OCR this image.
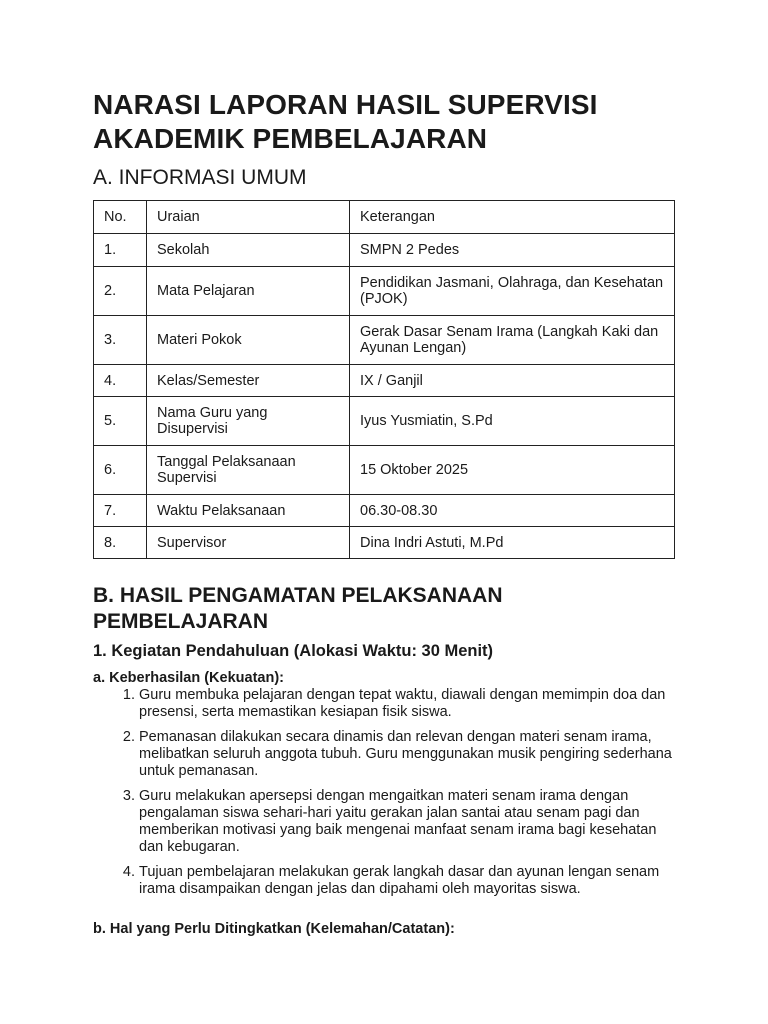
NARASI LAPORAN HASIL SUPERVISI AKADEMIK PEMBELAJARAN
A. INFORMASI UMUM
No.	Uraian	Keterangan
1.	Sekolah	SMPN 2 Pedes
2.	Mata Pelajaran	Pendidikan Jasmani, Olahraga, dan Kesehatan (PJOK)
3.	Materi Pokok	Gerak Dasar Senam Irama (Langkah Kaki dan Ayunan Lengan)
4.	Kelas/Semester	IX / Ganjil
5.	Nama Guru yang Disupervisi	Iyus Yusmiatin, S.Pd
6.	Tanggal Pelaksanaan Supervisi	15 Oktober 2025
7.	Waktu Pelaksanaan	06.30-08.30
8.	Supervisor	Dina Indri Astuti, M.Pd
B. HASIL PENGAMATAN PELAKSANAAN PEMBELAJARAN
1. Kegiatan Pendahuluan (Alokasi Waktu: 30 Menit)
a. Keberhasilan (Kekuatan):
1. Guru membuka pelajaran dengan tepat waktu, diawali dengan memimpin doa dan presensi, serta memastikan kesiapan fisik siswa.
2. Pemanasan dilakukan secara dinamis dan relevan dengan materi senam irama, melibatkan seluruh anggota tubuh. Guru menggunakan musik pengiring sederhana untuk pemanasan.
3. Guru melakukan apersepsi dengan mengaitkan materi senam irama dengan pengalaman siswa sehari-hari yaitu gerakan jalan santai atau senam pagi dan memberikan motivasi yang baik mengenai manfaat senam irama bagi kesehatan dan kebugaran.
4. Tujuan pembelajaran melakukan gerak langkah dasar dan ayunan lengan senam irama disampaikan dengan jelas dan dipahami oleh mayoritas siswa.
b. Hal yang Perlu Ditingkatkan (Kelemahan/Catatan):
